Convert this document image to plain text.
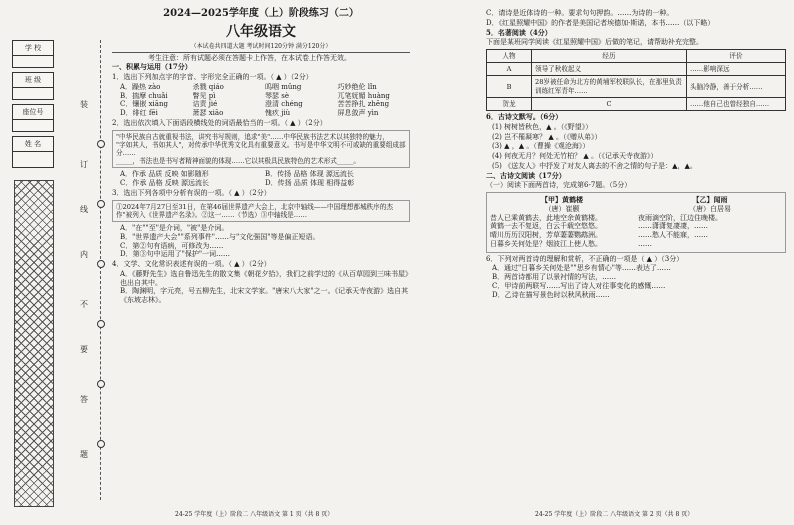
学 校
班 级
座位号
姓 名
装
订
线
内
不
要
答
题
2024—2025学年度（上）阶段练习（二）
八年级语文
（本试卷共四道大题 考试时间120分钟 满分120分）
考生注意：所有试题必须在答题卡上作答，在本试卷上作答无效。
一、积累与运用（17分）
1．选出下列加点字的字音、字形完全正确的一项。（ ▲ ）（2分）
A．躁热 zào	杀戮 qiáo	呜咽 mǔng	巧妙绝伦 lǐn
B．揣摩 chuǎi	瞥见 pì	琴瑟 sè	兀笔妩媚 huàng
C．镶嵌 xiāng	诘责 jié	澄清 chéng	苦苦挣扎 zhēng
D．绯红 fēi	萧瑟 xiāo	愧疚 jiù	屏息敛声 yìn
2．选出依次填入下面语段横线处的词语最恰当的一项。（ ▲ ）（2分）
"中华民族自古就重视书法，讲究书写规则，追求"美"……中华民族书法艺术以其独特的魅力，
"字如其人，书如其人"，对传承中华优秀文化具有重要意义。书写是中华文明不可或缺的重要组成部分……
_____，书法也是书写者精神面貌的体现……它以其极具民族特色的艺术形式_____。
A．作承 品质 反映 如影随形	B．传扬 品格 体现 源远流长
C．作承 品格 反映 源远流长	D．传扬 品质 体现 相得益彰
3．选出下列各项中分析有误的一项。（ ▲ ）（2分）
①2024年7月27日至31日，在第46届世界遗产大会上，北京中轴线——中国理想都城秩序的杰作"被列入《世界遗产名录》。②这一……（节选）③中轴线是……
A．"在""至"是介词，"被"是介词。
B．"世界遗产大会""系列事件"……与"文化强国"等是偏正短语。
C．第②句有语病，可修改为……
D．第③句中运用了"保护"一词……
4．文学、文化常识表述有误的一项。（ ▲ ）（2分）
A．《藤野先生》选自鲁迅先生的散文集《朝花夕拾》，我们之前学过的《从百草园到三味书屋》也出自其中。
B．陶渊明，字元亮，号五柳先生，北宋文学家。"唐宋八大家"之一。《记承天寺夜游》选自其《东坡志林》。
24-25 学年度（上）阶段二 八年级语文 第 1 页（共 8 页）
C．请诗是近体诗的一种。要求句句押韵。……为诗的一种。
D．《红星照耀中国》的作者是美国记者埃德加·斯诺，本书……（以下略）
5．名著阅读（4分）
下面是某班同学阅读《红星照耀中国》后做的笔记，请帮助补充完整。
人物	经历	评价
A	领导了秋收起义	……影响深远
B	28岁被任命为北方的黄埔军校联队长，在那里负责训练红军青年……	头脑冷静，善于分析……
贺龙	C	……他自己也曾经独自……
6．古诗文默写。（6分）
(1) 树树皆秋色，▲ 。（《野望》）
(2) 岂不罹凝寒？ ▲ 。（《赠从弟》）
(3) ▲ ，▲ 。（曹操《观沧海》）
(4) 何夜无月？何处无竹柏？ ▲ 。（《记承天寺夜游》）
(5) 《送友人》中抒发了对友人离去的不舍之情的句子是：▲，▲。
二、古诗文阅读（17分）
（一）阅读下面两首诗，完成第6-7题。（5分）
【甲】黄鹤楼
（唐）崔颢
昔人已乘黄鹤去，此地空余黄鹤楼。
黄鹤一去不复返，白云千载空悠悠。
晴川历历汉阳树，芳草萋萋鹦鹉洲。
日暮乡关何处是？烟波江上使人愁。
【乙】闻雨
（唐）白居易
夜雨滴空阶，江边住晚楼。
……潇潇复凄凄，……
……愁人不能寐，……
……
6．下列对两首诗的理解和赏析，不正确的一项是（ ▲ ）（3分）
A．通过"日暮乡关何处是""思乡有情心"等……表达了……
B．两首诗都用了以景衬情的写法，……
C．甲诗前两联写……写出了诗人对往事变化的感慨……
D．乙诗在描写景色时以秋风秋雨……
24-25 学年度（上）阶段二 八年级语文 第 2 页（共 8 页）
